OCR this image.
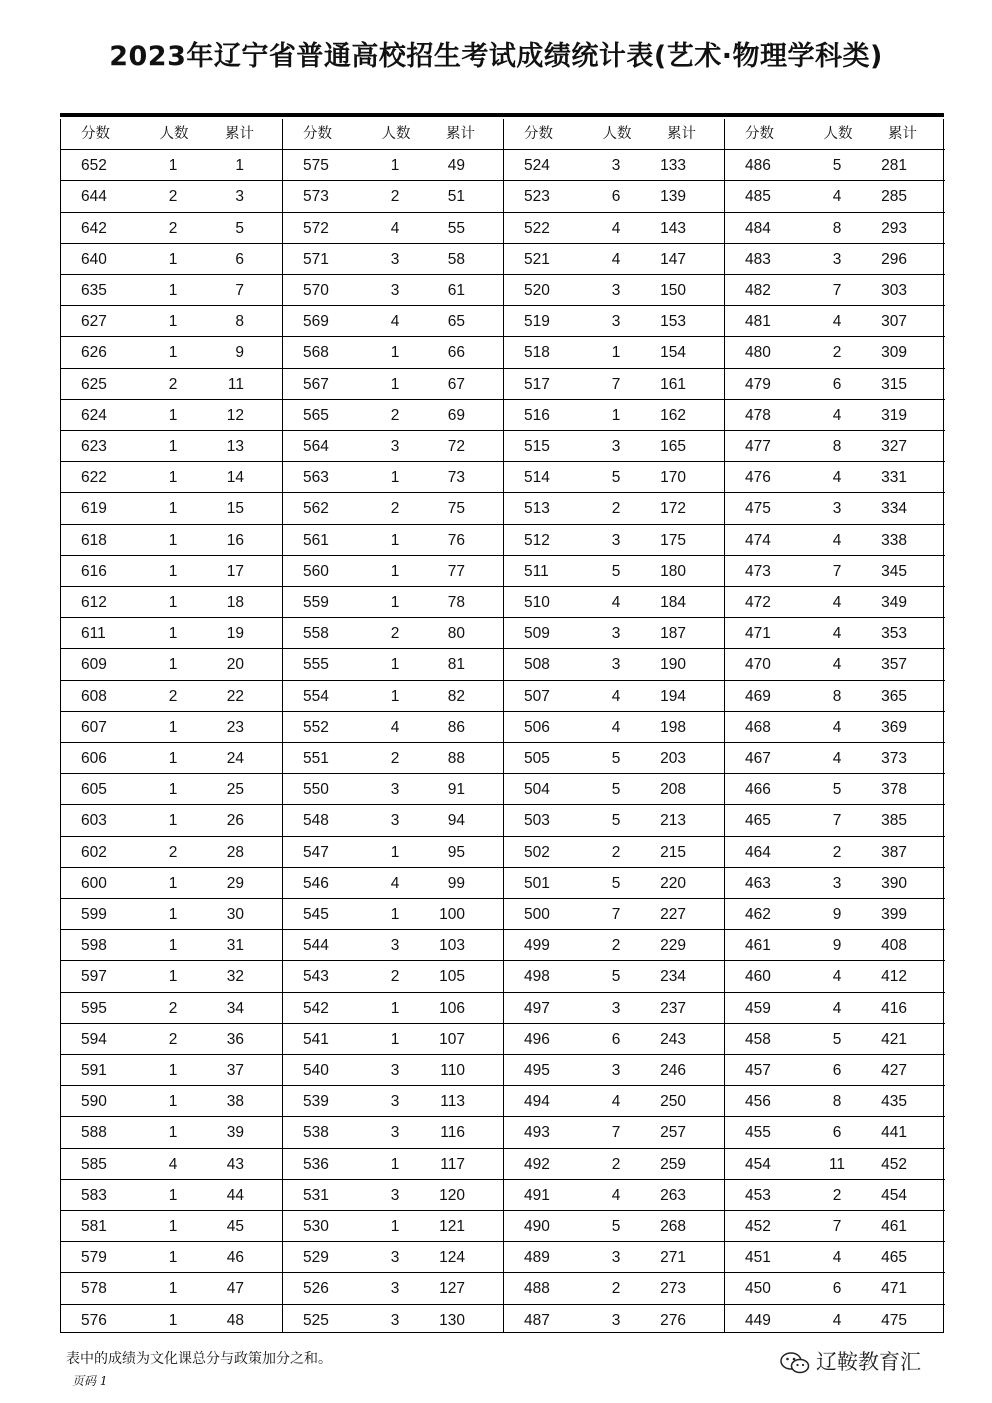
2023年辽宁省普通高校招生考试成绩统计表(艺术·物理学科类)
分数	人数	累计
652	1	1
644	2	3
642	2	5
640	1	6
635	1	7
627	1	8
626	1	9
625	2	11
624	1	12
623	1	13
622	1	14
619	1	15
618	1	16
616	1	17
612	1	18
611	1	19
609	1	20
608	2	22
607	1	23
606	1	24
605	1	25
603	1	26
602	2	28
600	1	29
599	1	30
598	1	31
597	1	32
595	2	34
594	2	36
591	1	37
590	1	38
588	1	39
585	4	43
583	1	44
581	1	45
579	1	46
578	1	47
576	1	48
分数	人数	累计
575	1	49
573	2	51
572	4	55
571	3	58
570	3	61
569	4	65
568	1	66
567	1	67
565	2	69
564	3	72
563	1	73
562	2	75
561	1	76
560	1	77
559	1	78
558	2	80
555	1	81
554	1	82
552	4	86
551	2	88
550	3	91
548	3	94
547	1	95
546	4	99
545	1	100
544	3	103
543	2	105
542	1	106
541	1	107
540	3	110
539	3	113
538	3	116
536	1	117
531	3	120
530	1	121
529	3	124
526	3	127
525	3	130
分数	人数	累计
524	3	133
523	6	139
522	4	143
521	4	147
520	3	150
519	3	153
518	1	154
517	7	161
516	1	162
515	3	165
514	5	170
513	2	172
512	3	175
511	5	180
510	4	184
509	3	187
508	3	190
507	4	194
506	4	198
505	5	203
504	5	208
503	5	213
502	2	215
501	5	220
500	7	227
499	2	229
498	5	234
497	3	237
496	6	243
495	3	246
494	4	250
493	7	257
492	2	259
491	4	263
490	5	268
489	3	271
488	2	273
487	3	276
分数	人数	累计
486	5	281
485	4	285
484	8	293
483	3	296
482	7	303
481	4	307
480	2	309
479	6	315
478	4	319
477	8	327
476	4	331
475	3	334
474	4	338
473	7	345
472	4	349
471	4	353
470	4	357
469	8	365
468	4	369
467	4	373
466	5	378
465	7	385
464	2	387
463	3	390
462	9	399
461	9	408
460	4	412
459	4	416
458	5	421
457	6	427
456	8	435
455	6	441
454	11	452
453	2	454
452	7	461
451	4	465
450	6	471
449	4	475
表中的成绩为文化课总分与政策加分之和。
页码 1
辽鞍教育汇
